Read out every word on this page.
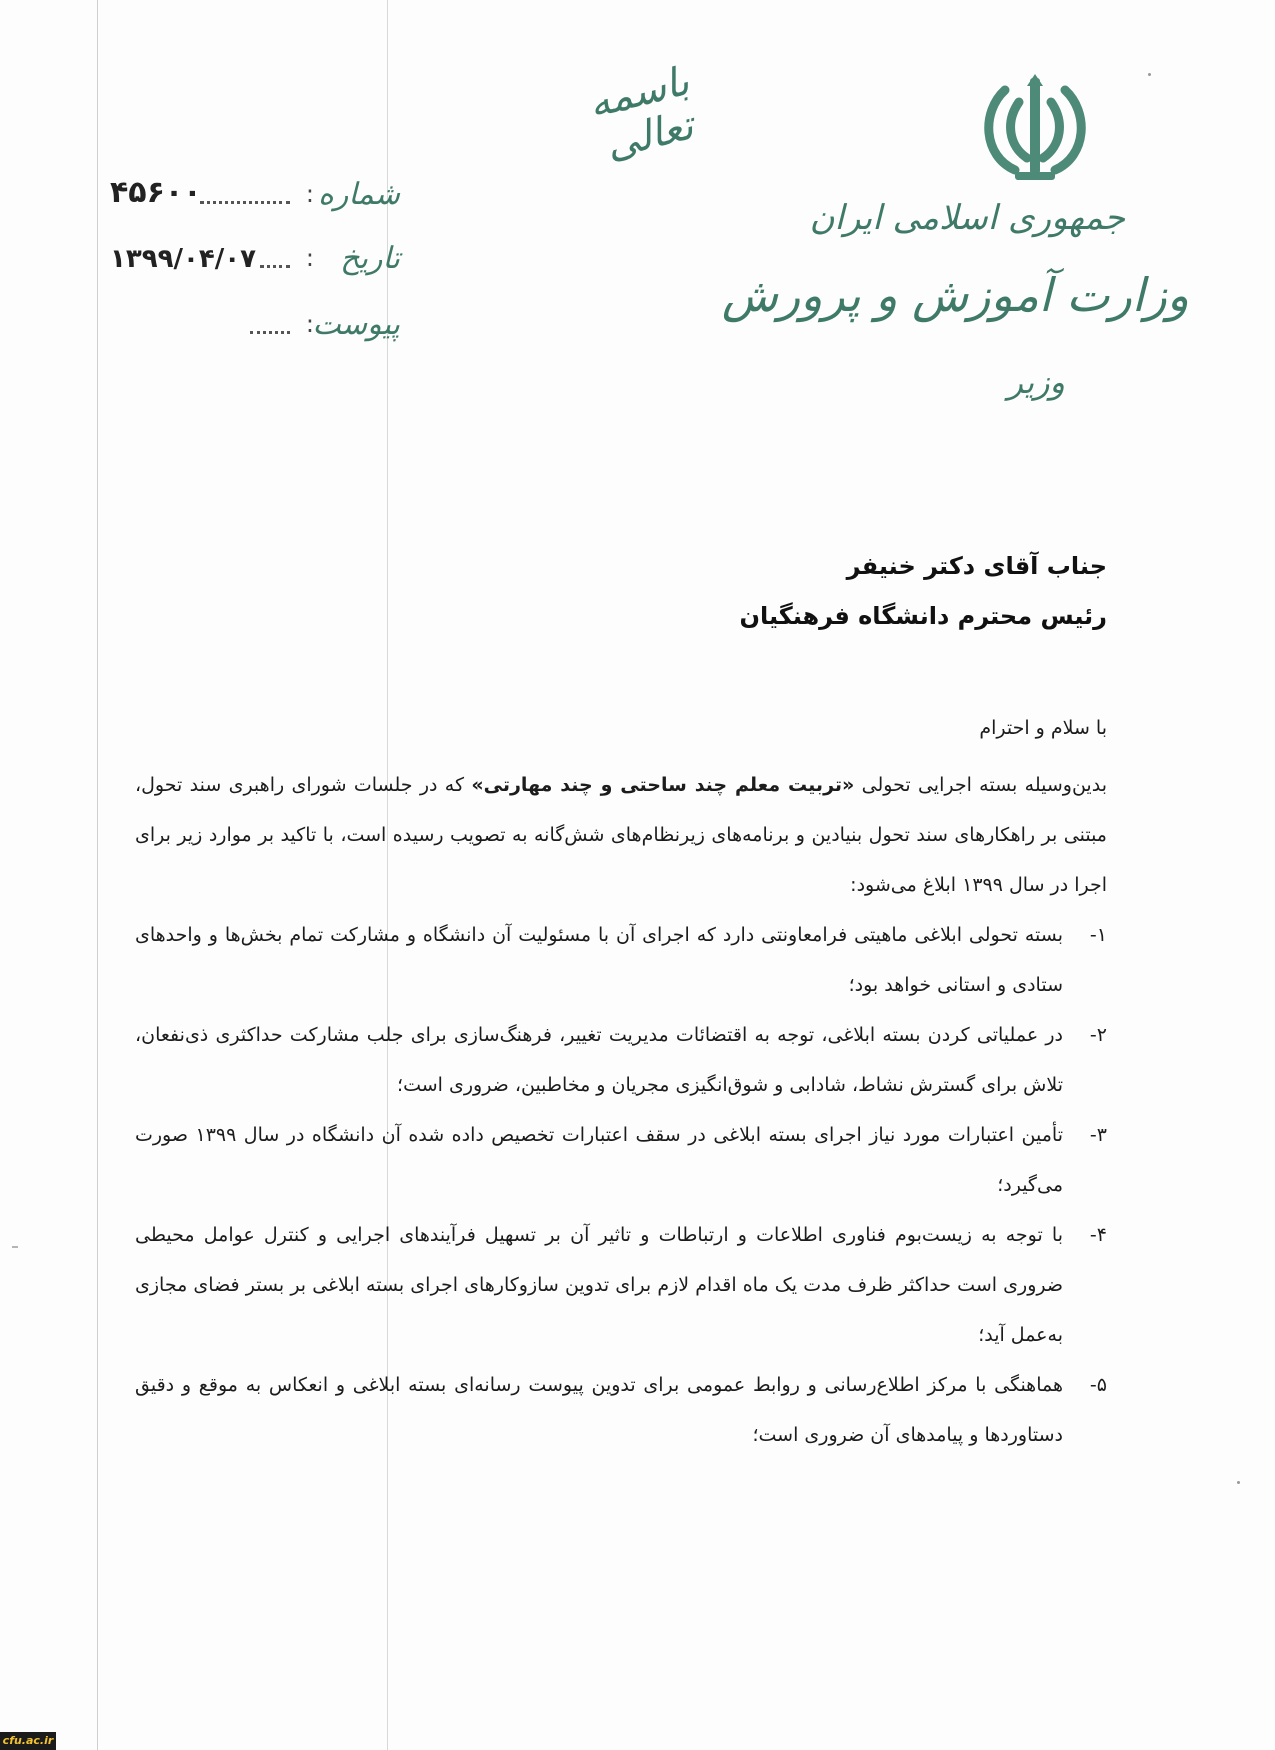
باسمه تعالی
جمهوری اسلامی ایران
وزارت آموزش و پرورش
وزیر
۴۵۶۰۰	: شماره
۱۳۹۹/۰۴/۰۷ : تاریخ
:
پیوست
جناب آقای دکتر خنیفر
رئیس محترم دانشگاه فرهنگیان

با سلام و احترام

بدین‌وسیله بسته اجرایی تحولی «تربیت معلم چند ساحتی و چند مهارتی» که در جلسات شورای راهبری سند تحول، مبتنی بر راهکارهای سند تحول بنیادین و برنامه‌های زیرنظام‌های شش‌گانه به تصویب رسیده است، با تاکید بر موارد زیر برای اجرا در سال ۱۳۹۹ ابلاغ می‌شود:

۱-
بسته تحولی ابلاغی ماهیتی فرامعاونتی دارد که اجرای آن با مسئولیت آن دانشگاه و مشارکت تمام بخش‌ها و واحدهای ستادی و استانی خواهد بود؛

۲-
در عملیاتی کردن بسته ابلاغی، توجه به اقتضائات مدیریت تغییر، فرهنگ‌سازی برای جلب مشارکت حداکثری ذی‌نفعان، تلاش برای گسترش نشاط، شادابی و شوق‌انگیزی مجریان و مخاطبین، ضروری است؛

۳-
تأمین اعتبارات مورد نیاز اجرای بسته ابلاغی در سقف اعتبارات تخصیص داده شده آن دانشگاه در سال ۱۳۹۹ صورت می‌گیرد؛

۴-
با توجه به زیست‌بوم فناوری اطلاعات و ارتباطات و تاثیر آن بر تسهیل فرآیندهای اجرایی و کنترل عوامل محیطی ضروری است حداکثر ظرف مدت یک ماه اقدام لازم برای تدوین سازوکارهای اجرای بسته ابلاغی بر بستر فضای مجازی به‌عمل آید؛

۵-
هماهنگی با مرکز اطلاع‌رسانی و روابط عمومی برای تدوین پیوست رسانه‌ای بسته ابلاغی و انعکاس به موقع و دقیق دستاوردها و پیامدهای آن ضروری است؛

cfu.ac.ir
